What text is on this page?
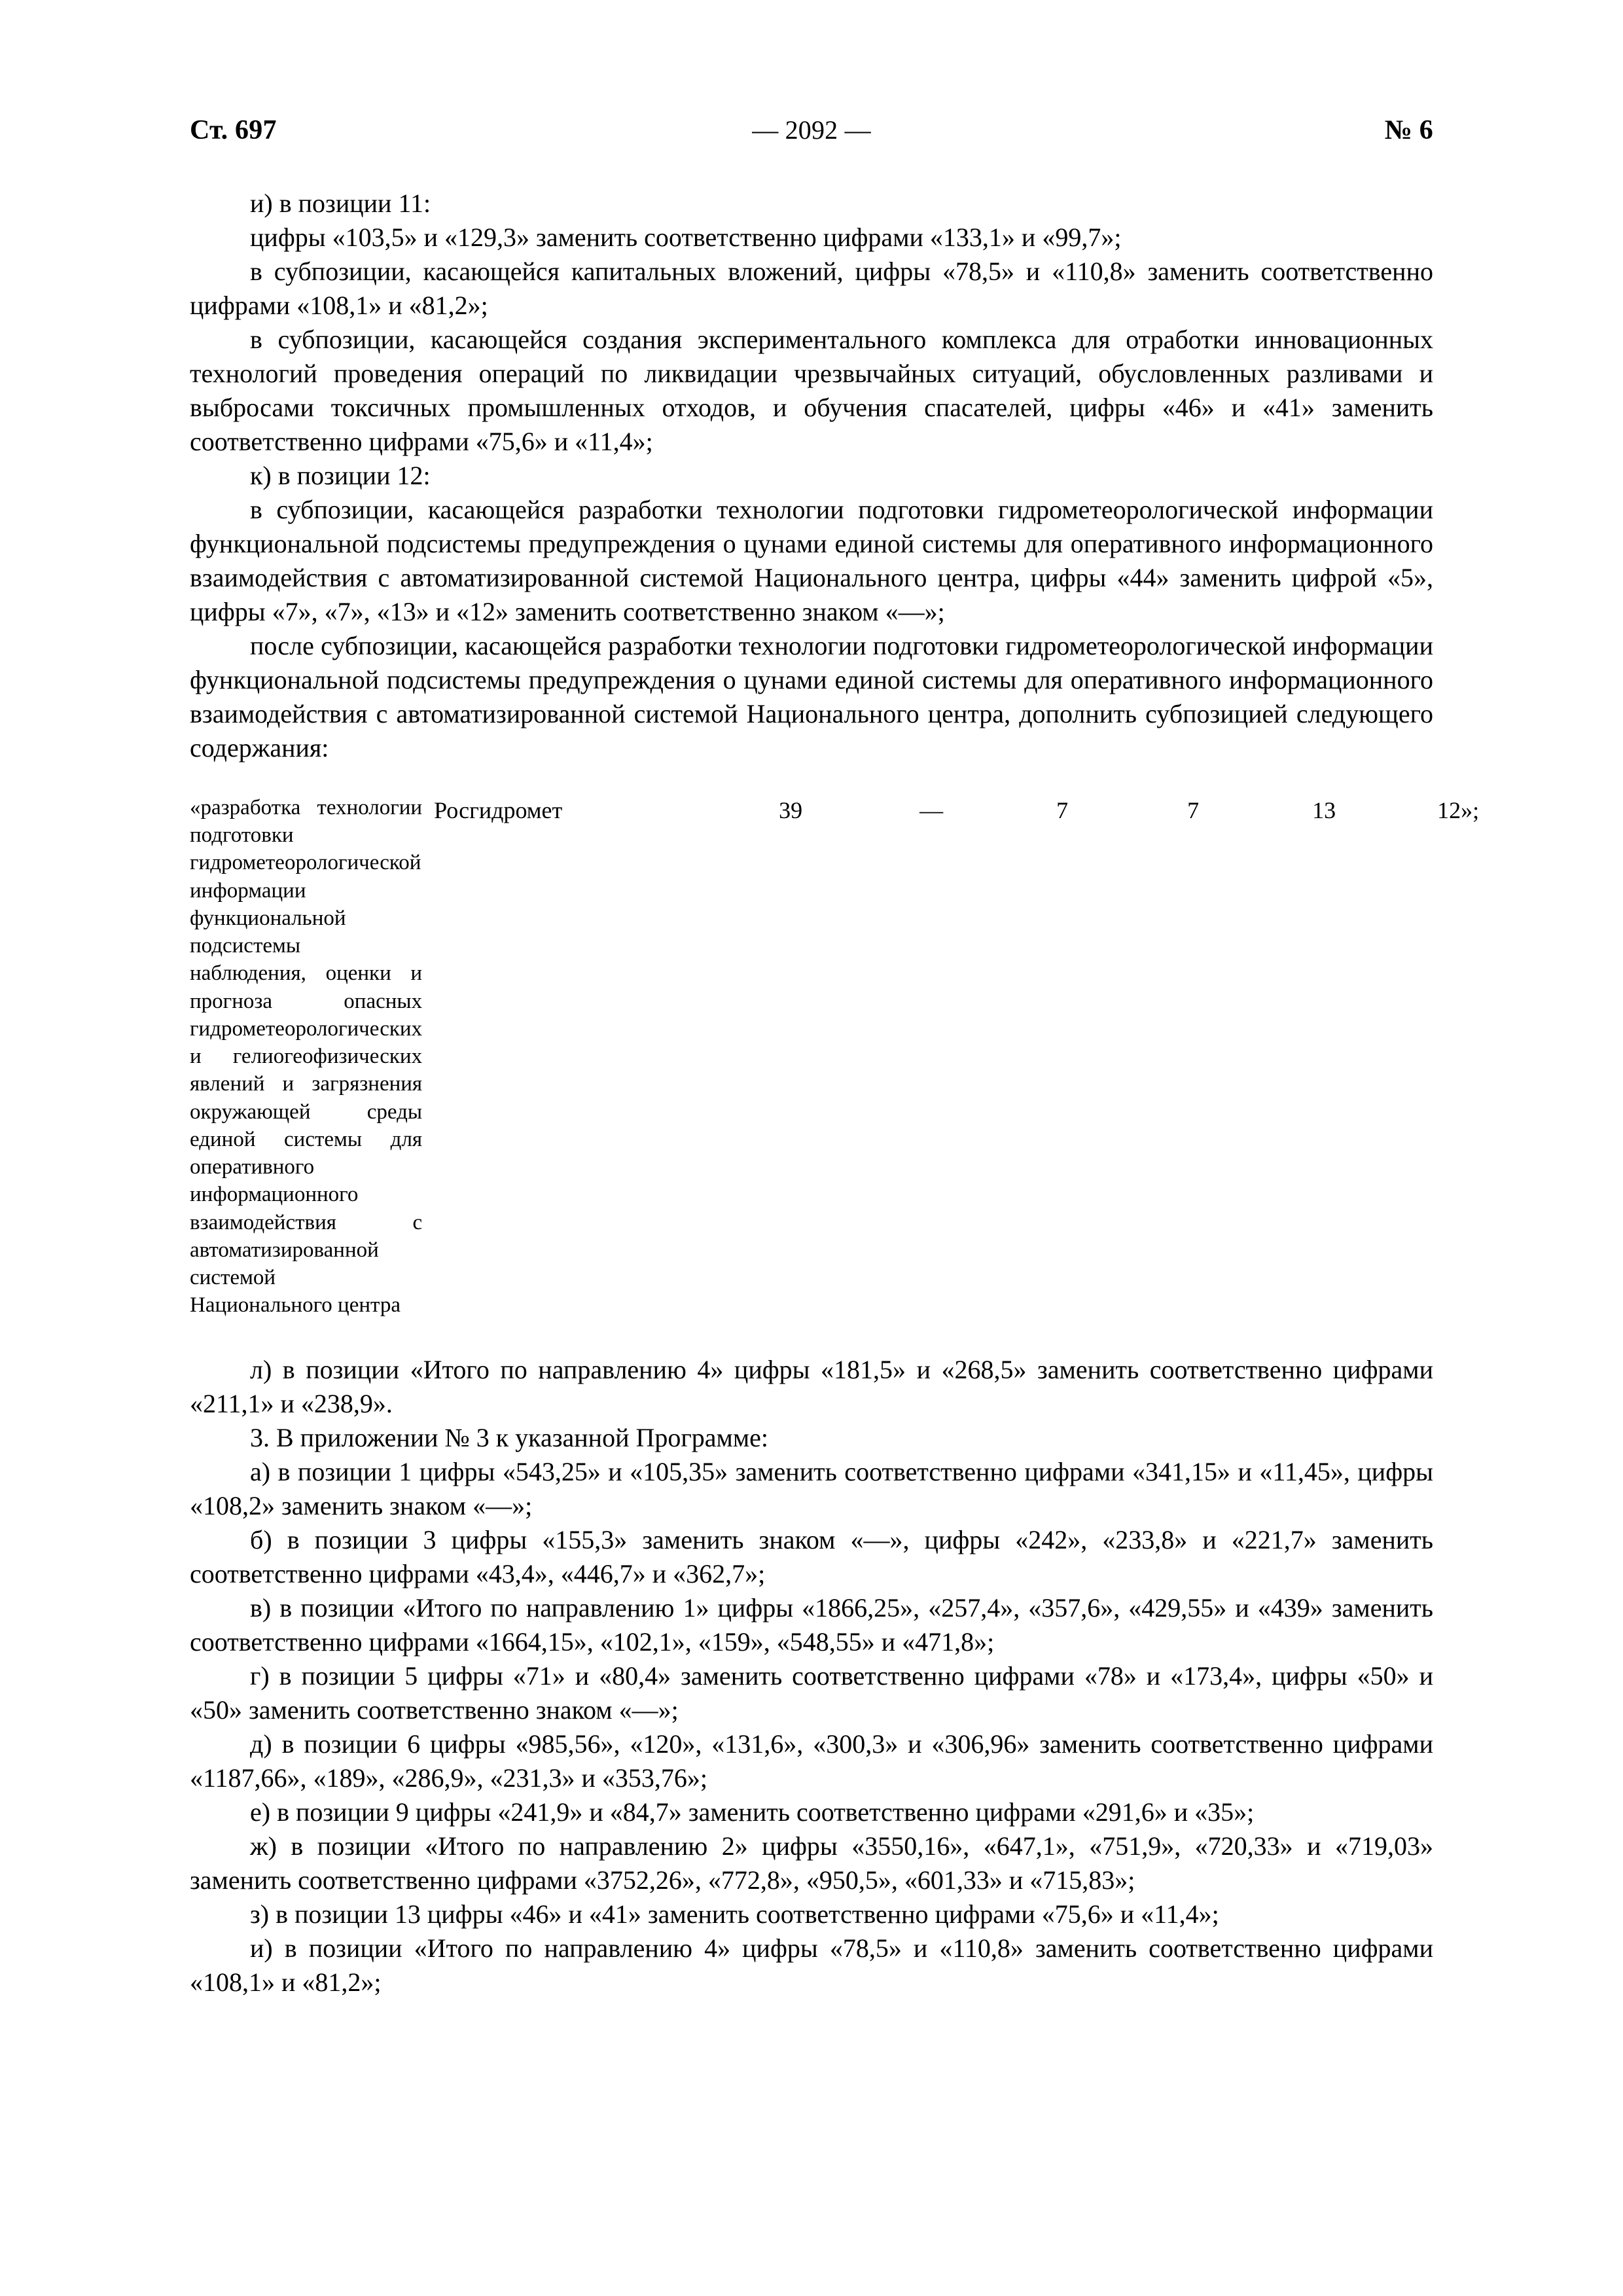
Ст. 697	— 2092 —	№ 6

и) в позиции 11:

цифры «103,5» и «129,3» заменить соответственно цифрами «133,1» и «99,7»;

в субпозиции, касающейся капитальных вложений, цифры «78,5» и «110,8» заменить соответственно цифрами «108,1» и «81,2»;

в субпозиции, касающейся создания экспериментального комплекса для отработки инновационных технологий проведения операций по ликвидации чрезвычайных ситуаций, обусловленных разливами и выбросами токсичных промышленных отходов, и обучения спасателей, цифры «46» и «41» заменить соответственно цифрами «75,6» и «11,4»;

к) в позиции 12:

в субпозиции, касающейся разработки технологии подготовки гидрометеорологической информации функциональной подсистемы предупреждения о цунами единой системы для оперативного информационного взаимодействия с автоматизированной системой Национального центра, цифры «44» заменить цифрой «5», цифры «7», «7», «13» и «12» заменить соответственно знаком «—»;

после субпозиции, касающейся разработки технологии подготовки гидрометеорологической информации функциональной подсистемы предупреждения о цунами единой системы для оперативного информационного взаимодействия с автоматизированной системой Национального центра, дополнить субпозицией следующего содержания:

«разработка технологии подготовки гидрометеорологической информации функциональной подсистемы наблюдения, оценки и прогноза опасных гидрометеорологических и гелиогеофизических явлений и загрязнения окружающей среды единой системы для оперативного информационного взаимодействия с автоматизированной системой Национального центра
Росгидромет	39	—	7	7	13	12»;

л) в позиции «Итого по направлению 4» цифры «181,5» и «268,5» заменить соответственно цифрами «211,1» и «238,9».

3. В приложении № 3 к указанной Программе:

а) в позиции 1 цифры «543,25» и «105,35» заменить соответственно цифрами «341,15» и «11,45», цифры «108,2» заменить знаком «—»;

б) в позиции 3 цифры «155,3» заменить знаком «—», цифры «242», «233,8» и «221,7» заменить соответственно цифрами «43,4», «446,7» и «362,7»;

в) в позиции «Итого по направлению 1» цифры «1866,25», «257,4», «357,6», «429,55» и «439» заменить соответственно цифрами «1664,15», «102,1», «159», «548,55» и «471,8»;

г) в позиции 5 цифры «71» и «80,4» заменить соответственно цифрами «78» и «173,4», цифры «50» и «50» заменить соответственно знаком «—»;

д) в позиции 6 цифры «985,56», «120», «131,6», «300,3» и «306,96» заменить соответственно цифрами «1187,66», «189», «286,9», «231,3» и «353,76»;

е) в позиции 9 цифры «241,9» и «84,7» заменить соответственно цифрами «291,6» и «35»;

ж) в позиции «Итого по направлению 2» цифры «3550,16», «647,1», «751,9», «720,33» и «719,03» заменить соответственно цифрами «3752,26», «772,8», «950,5», «601,33» и «715,83»;

з) в позиции 13 цифры «46» и «41» заменить соответственно цифрами «75,6» и «11,4»;

и) в позиции «Итого по направлению 4» цифры «78,5» и «110,8» заменить соответственно цифрами «108,1» и «81,2»;
